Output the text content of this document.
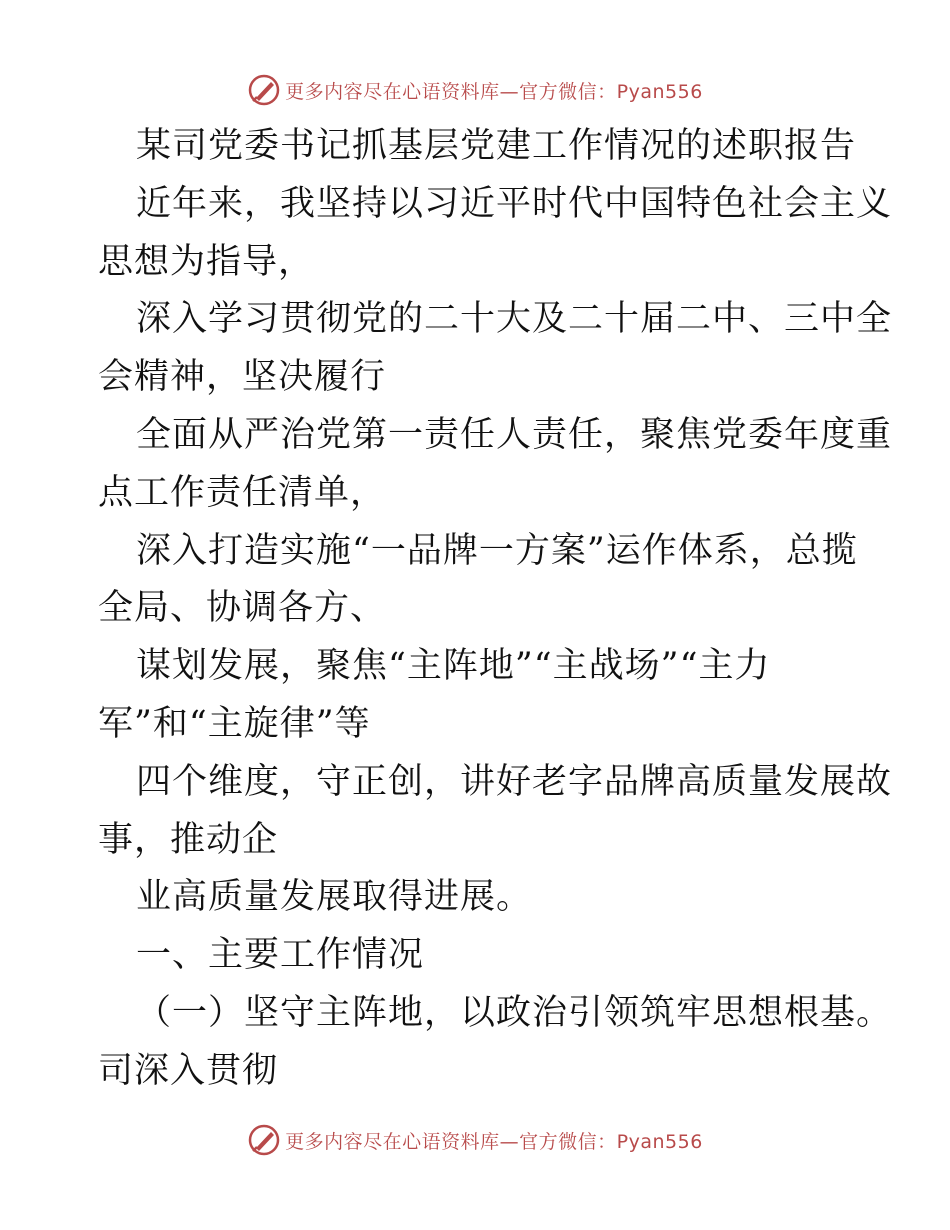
更多内容尽在心语资料库—官方微信：Pyan556
某司党委书记抓基层党建工作情况的述职报告
近年来，我坚持以习近平时代中国特色社会主义
思想为指导，
深入学习贯彻党的二十大及二十届二中、三中全
会精神，坚决履行
全面从严治党第一责任人责任，聚焦党委年度重
点工作责任清单，
深入打造实施“一品牌一方案”运作体系，总揽
全局、协调各方、
谋划发展，聚焦“主阵地”“主战场”“主力
军”和“主旋律”等
四个维度，守正创，讲好老字品牌高质量发展故
事，推动企
业高质量发展取得进展。
一、主要工作情况
（一）坚守主阵地，以政治引领筑牢思想根基。
司深入贯彻
更多内容尽在心语资料库—官方微信：Pyan556
